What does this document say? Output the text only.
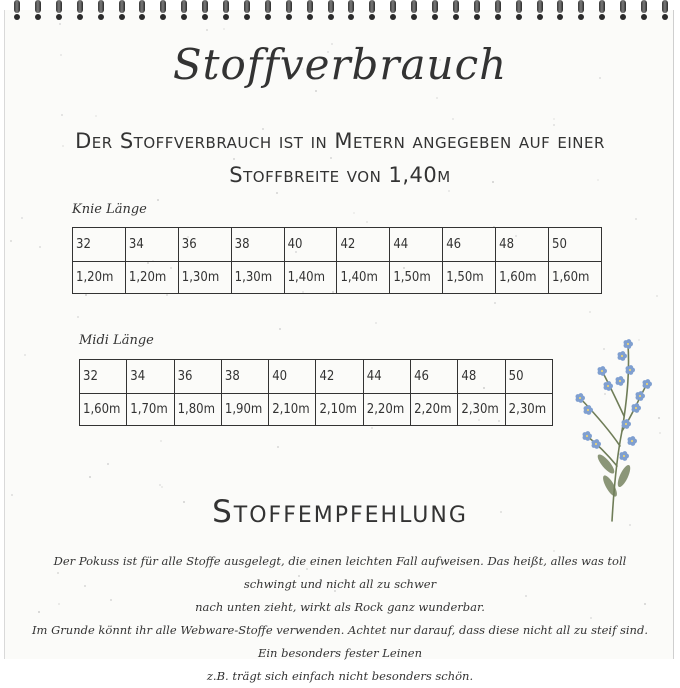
Stoffverbrauch
Der Stoffverbrauch ist in Metern angegeben auf einer Stoffbreite von 1,40m
Knie Länge
32	34	36	38	40	42	44	46	48	50
1,20m	1,20m	1,30m	1,30m	1,40m	1,40m	1,50m	1,50m	1,60m	1,60m
Midi Länge
32	34	36	38	40	42	44	46	48	50
1,60m	1,70m	1,80m	1,90m	2,10m	2,10m	2,20m	2,20m	2,30m	2,30m
Stoffempfehlung
Der Pokuss ist für alle Stoffe ausgelegt, die einen leichten Fall aufweisen. Das heißt, alles was toll schwingt und nicht all zu schwer
nach unten zieht, wirkt als Rock ganz wunderbar.
Im Grunde könnt ihr alle Webware-Stoffe verwenden. Achtet nur darauf, dass diese nicht all zu steif sind. Ein besonders fester Leinen
z.B. trägt sich einfach nicht besonders schön.
